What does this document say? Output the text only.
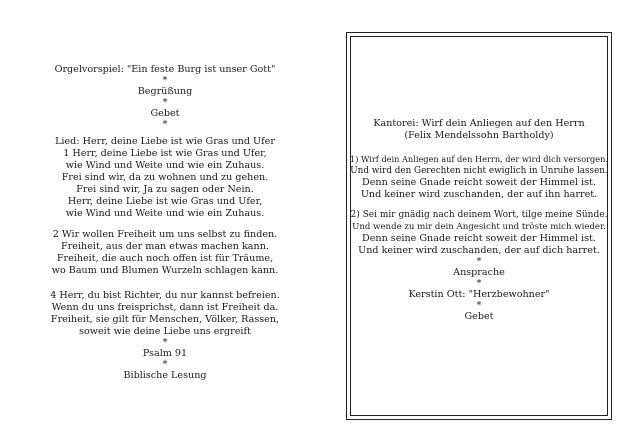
Orgelvorspiel: "Ein feste Burg ist unser Gott"
*
Begrüßung
*
Gebet
*
Lied: Herr, deine Liebe ist wie Gras und Ufer
1 Herr, deine Liebe ist wie Gras und Ufer,
wie Wind und Weite und wie ein Zuhaus.
Frei sind wir, da zu wohnen und zu gehen.
Frei sind wir, Ja zu sagen oder Nein.
Herr, deine Liebe ist wie Gras und Ufer,
wie Wind und Weite und wie ein Zuhaus.
2 Wir wollen Freiheit um uns selbst zu finden.
Freiheit, aus der man etwas machen kann.
Freiheit, die auch noch offen ist für Träume,
wo Baum und Blumen Wurzeln schlagen kann.
4 Herr, du bist Richter, du nur kannst befreien.
Wenn du uns freisprichst, dann ist Freiheit da.
Freiheit, sie gilt für Menschen, Völker, Rassen,
soweit wie deine Liebe uns ergreift
*
Psalm 91
*
Biblische Lesung
Kantorei: Wirf dein Anliegen auf den Herrn
(Felix Mendelssohn Bartholdy)
1) Wirf dein Anliegen auf den Herrn, der wird dich versorgen.
Und wird den Gerechten nicht ewiglich in Unruhe lassen.
Denn seine Gnade reicht soweit der Himmel ist.
Und keiner wird zuschanden, der auf ihn harret.
2) Sei mir gnädig nach deinem Wort, tilge meine Sünde.
Und wende zu mir dein Angesicht und tröste mich wieder.
Denn seine Gnade reicht soweit der Himmel ist.
Und keiner wird zuschanden, der auf dich harret.
*
Ansprache
*
Kerstin Ott: "Herzbewohner"
*
Gebet
